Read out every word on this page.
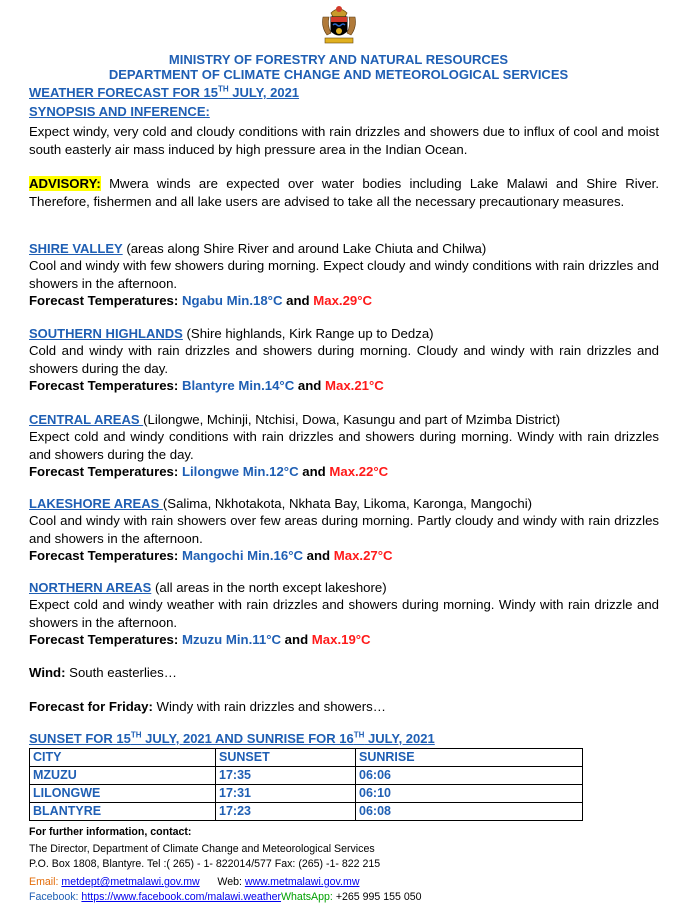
MINISTRY OF FORESTRY AND NATURAL RESOURCES
DEPARTMENT OF CLIMATE CHANGE AND METEOROLOGICAL SERVICES
WEATHER FORECAST FOR 15TH JULY, 2021
SYNOPSIS AND INFERENCE:
Expect windy, very cold and cloudy conditions with rain drizzles and showers due to influx of cool and moist south easterly air mass induced by high pressure area in the Indian Ocean.
ADVISORY: Mwera winds are expected over water bodies including Lake Malawi and Shire River. Therefore, fishermen and all lake users are advised to take all the necessary precautionary measures.
SHIRE VALLEY (areas along Shire River and around Lake Chiuta and Chilwa)
Cool and windy with few showers during morning. Expect cloudy and windy conditions with rain drizzles and showers in the afternoon.
Forecast Temperatures: Ngabu Min.18°C and Max.29°C
SOUTHERN HIGHLANDS (Shire highlands, Kirk Range up to Dedza)
Cold and windy with rain drizzles and showers during morning. Cloudy and windy with rain drizzles and showers during the day.
Forecast Temperatures: Blantyre Min.14°C and Max.21°C
CENTRAL AREAS (Lilongwe, Mchinji, Ntchisi, Dowa, Kasungu and part of Mzimba District)
Expect cold and windy conditions with rain drizzles and showers during morning. Windy with rain drizzles and showers during the day.
Forecast Temperatures: Lilongwe Min.12°C and Max.22°C
LAKESHORE AREAS (Salima, Nkhotakota, Nkhata Bay, Likoma, Karonga, Mangochi)
Cool and windy with rain showers over few areas during morning. Partly cloudy and windy with rain drizzles and showers in the afternoon.
Forecast Temperatures: Mangochi Min.16°C and Max.27°C
NORTHERN AREAS (all areas in the north except lakeshore)
Expect cold and windy weather with rain drizzles and showers during morning. Windy with rain drizzle and showers in the afternoon.
Forecast Temperatures: Mzuzu Min.11°C and Max.19°C
Wind: South easterlies…
Forecast for Friday: Windy with rain drizzles and showers…
SUNSET FOR 15TH JULY, 2021 AND SUNRISE FOR 16TH JULY, 2021
CITY	SUNSET	SUNRISE
MZUZU	17:35	06:06
LILONGWE	17:31	06:10
BLANTYRE	17:23	06:08
For further information, contact:
The Director, Department of Climate Change and Meteorological Services
P.O. Box 1808, Blantyre. Tel :( 265) - 1- 822014/577 Fax: (265) -1- 822 215
Email: metdept@metmalawi.gov.mw Web: www.metmalawi.gov.mw
Facebook: https://www.facebook.com/malawi.weatherWhatsApp: +265 995 155 050
